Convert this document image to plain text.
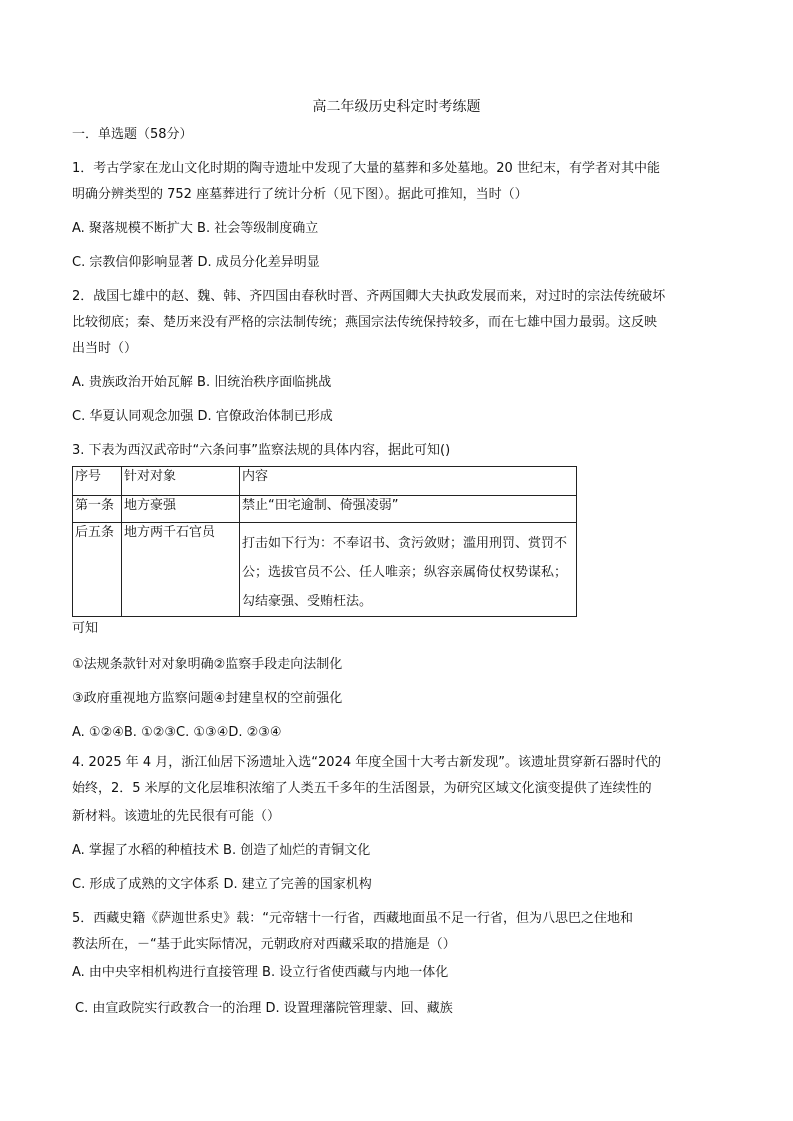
高二年级历史科定时考练题
一．单选题（58分）
1．考古学家在龙山文化时期的陶寺遗址中发现了大量的墓葬和多处墓地。20 世纪末，有学者对其中能
明确分辨类型的 752 座墓葬进行了统计分析（见下图）。据此可推知，当时（）
A. 聚落规模不断扩大 B. 社会等级制度确立
C. 宗教信仰影响显著 D. 成员分化差异明显
2．战国七雄中的赵、魏、韩、齐四国由春秋时晋、齐两国卿大夫执政发展而来，对过时的宗法传统破坏
比较彻底；秦、楚历来没有严格的宗法制传统；燕国宗法传统保持较多，而在七雄中国力最弱。这反映
出当时（）
A. 贵族政治开始瓦解 B. 旧统治秩序面临挑战
C. 华夏认同观念加强 D. 官僚政治体制已形成
3. 下表为西汉武帝时“六条问事”监察法规的具体内容，据此可知()
序号	针对对象	内容
第一条	地方豪强	禁止“田宅逾制、倚强凌弱”
后五条	地方两千石官员	打击如下行为：不奉诏书、贪污敛财；滥用刑罚、赏罚不公；选拔官员不公、任人唯亲；纵容亲属倚仗权势谋私；勾结豪强、受贿枉法。
可知
①法规条款针对对象明确②监察手段走向法制化
③政府重视地方监察问题④封建皇权的空前强化
A. ①②④B. ①②③C. ①③④D. ②③④
4. 2025 年 4 月，浙江仙居下汤遗址入选“2024 年度全国十大考古新发现”。该遗址贯穿新石器时代的
始终，2．5 米厚的文化层堆积浓缩了人类五千多年的生活图景，为研究区域文化演变提供了连续性的
新材料。该遗址的先民很有可能（）
A. 掌握了水稻的种植技术 B. 创造了灿烂的青铜文化
C. 形成了成熟的文字体系 D. 建立了完善的国家机构
5．西藏史籍《萨迦世系史》载：“元帝辖十一行省，西藏地面虽不足一行省，但为八思巴之住地和
教法所在，－“基于此实际情况，元朝政府对西藏采取的措施是（）
A. 由中央宰相机构进行直接管理 B. 设立行省使西藏与内地一体化
C. 由宣政院实行政教合一的治理 D. 设置理藩院管理蒙、回、藏族
